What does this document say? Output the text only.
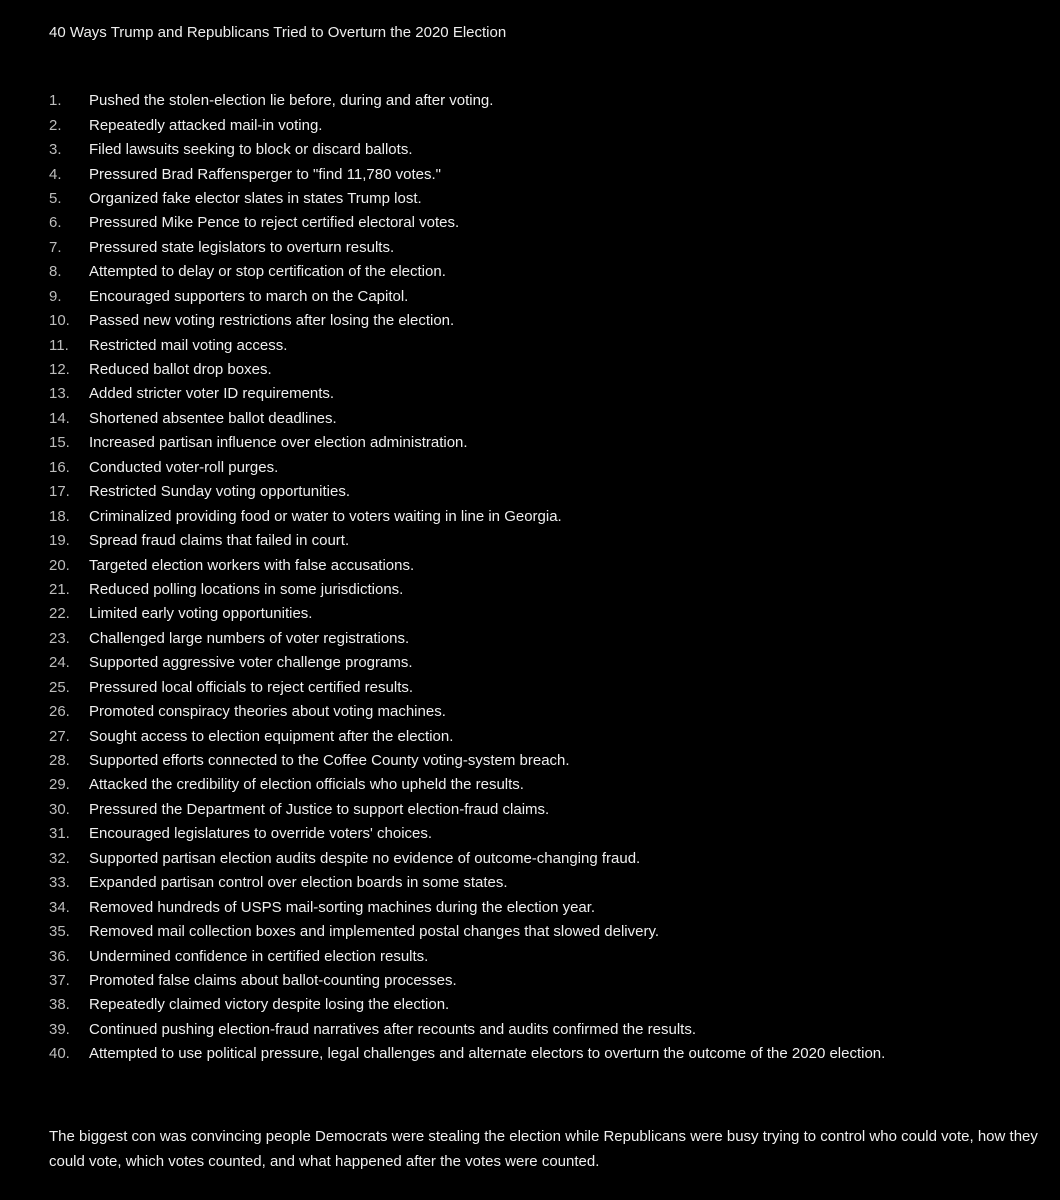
40 Ways Trump and Republicans Tried to Overturn the 2020 Election
1.	Pushed the stolen-election lie before, during and after voting.
2.	Repeatedly attacked mail-in voting.
3.	Filed lawsuits seeking to block or discard ballots.
4.	Pressured Brad Raffensperger to "find 11,780 votes."
5.	Organized fake elector slates in states Trump lost.
6.	Pressured Mike Pence to reject certified electoral votes.
7.	Pressured state legislators to overturn results.
8.	Attempted to delay or stop certification of the election.
9.	Encouraged supporters to march on the Capitol.
10.	Passed new voting restrictions after losing the election.
11.	Restricted mail voting access.
12.	Reduced ballot drop boxes.
13.	Added stricter voter ID requirements.
14.	Shortened absentee ballot deadlines.
15.	Increased partisan influence over election administration.
16.	Conducted voter-roll purges.
17.	Restricted Sunday voting opportunities.
18.	Criminalized providing food or water to voters waiting in line in Georgia.
19.	Spread fraud claims that failed in court.
20.	Targeted election workers with false accusations.
21.	Reduced polling locations in some jurisdictions.
22.	Limited early voting opportunities.
23.	Challenged large numbers of voter registrations.
24.	Supported aggressive voter challenge programs.
25.	Pressured local officials to reject certified results.
26.	Promoted conspiracy theories about voting machines.
27.	Sought access to election equipment after the election.
28.	Supported efforts connected to the Coffee County voting-system breach.
29.	Attacked the credibility of election officials who upheld the results.
30.	Pressured the Department of Justice to support election-fraud claims.
31.	Encouraged legislatures to override voters' choices.
32.	Supported partisan election audits despite no evidence of outcome-changing fraud.
33.	Expanded partisan control over election boards in some states.
34.	Removed hundreds of USPS mail-sorting machines during the election year.
35.	Removed mail collection boxes and implemented postal changes that slowed delivery.
36.	Undermined confidence in certified election results.
37.	Promoted false claims about ballot-counting processes.
38.	Repeatedly claimed victory despite losing the election.
39.	Continued pushing election-fraud narratives after recounts and audits confirmed the results.
40.	Attempted to use political pressure, legal challenges and alternate electors to overturn the outcome of the 2020 election.

The biggest con was convincing people Democrats were stealing the election while Republicans were busy trying to control who could vote, how they could vote, which votes counted, and what happened after the votes were counted.
